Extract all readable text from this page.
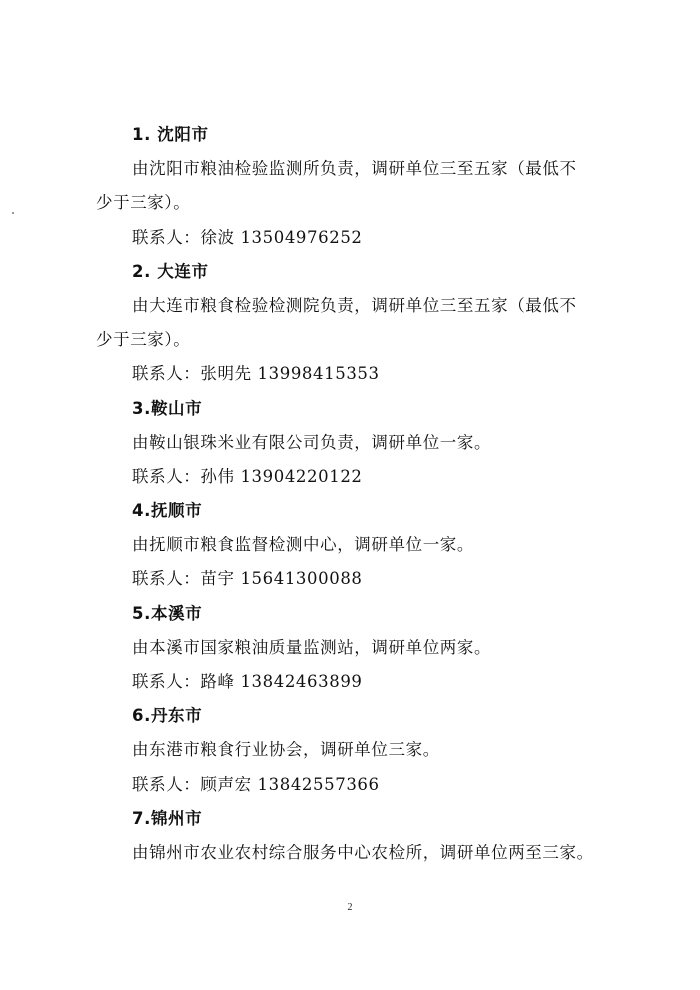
1. 沈阳市
由沈阳市粮油检验监测所负责，调研单位三至五家（最低不
少于三家）。
联系人：徐波 13504976252
2. 大连市
由大连市粮食检验检测院负责，调研单位三至五家（最低不
少于三家）。
联系人：张明先 13998415353
3.鞍山市
由鞍山银珠米业有限公司负责，调研单位一家。
联系人：孙伟 13904220122
4.抚顺市
由抚顺市粮食监督检测中心，调研单位一家。
联系人：苗宇 15641300088
5.本溪市
由本溪市国家粮油质量监测站，调研单位两家。
联系人：路峰 13842463899
6.丹东市
由东港市粮食行业协会，调研单位三家。
联系人：顾声宏 13842557366
7.锦州市
由锦州市农业农村综合服务中心农检所，调研单位两至三家。
2
